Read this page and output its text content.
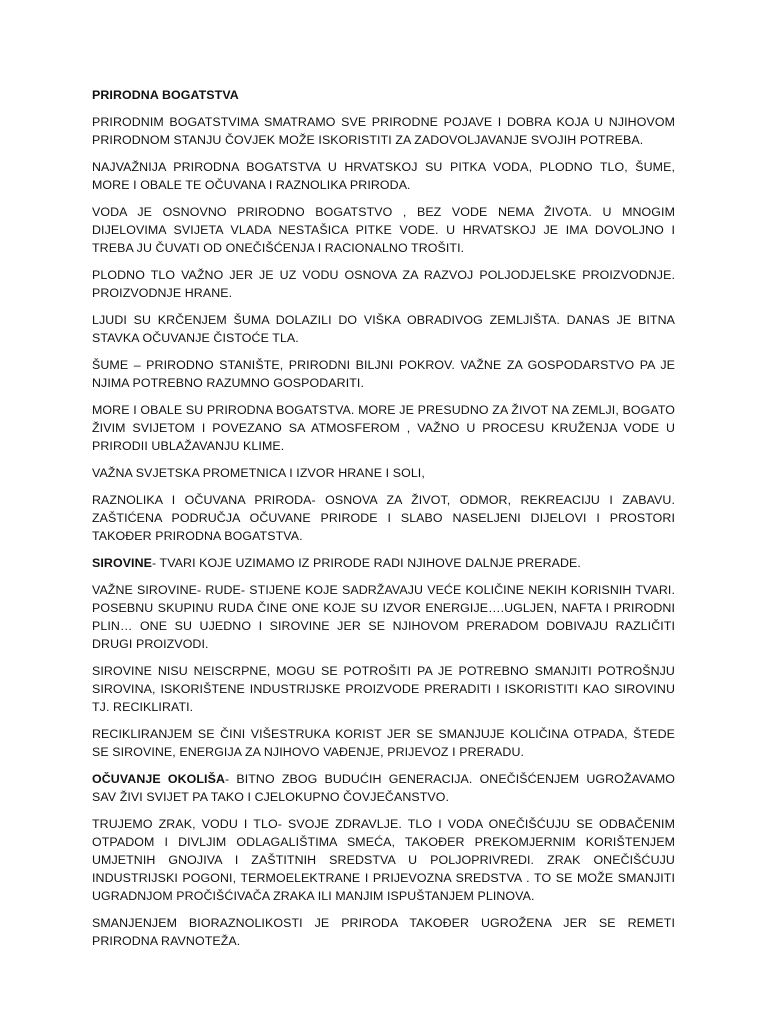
PRIRODNA BOGATSTVA

PRIRODNIM BOGATSTVIMA SMATRAMO SVE PRIRODNE POJAVE I DOBRA KOJA U NJIHOVOM PRIRODNOM STANJU ČOVJEK MOŽE ISKORISTITI ZA ZADOVOLJAVANJE SVOJIH POTREBA.

NAJVAŽNIJA PRIRODNA BOGATSTVA U HRVATSKOJ SU PITKA VODA, PLODNO TLO, ŠUME, MORE I OBALE TE OČUVANA I RAZNOLIKA PRIRODA.

VODA JE OSNOVNO PRIRODNO BOGATSTVO , BEZ VODE NEMA ŽIVOTA. U MNOGIM DIJELOVIMA SVIJETA VLADA NESTAŠICA PITKE VODE. U HRVATSKOJ JE IMA DOVOLJNO I TREBA JU ČUVATI OD ONEČIŠĆENJA I RACIONALNO TROŠITI.

PLODNO TLO VAŽNO JER JE UZ VODU OSNOVA ZA RAZVOJ POLJODJELSKE PROIZVODNJE. PROIZVODNJE HRANE.

LJUDI SU KRČENJEM ŠUMA DOLAZILI DO VIŠKA OBRADIVOG ZEMLJIŠTA. DANAS JE BITNA STAVKA OČUVANJE ČISTOĆE TLA.

ŠUME – PRIRODNO STANIŠTE, PRIRODNI BILJNI POKROV. VAŽNE ZA GOSPODARSTVO PA JE NJIMA POTREBNO RAZUMNO GOSPODARITI.

MORE I OBALE SU PRIRODNA BOGATSTVA. MORE JE PRESUDNO ZA ŽIVOT NA ZEMLJI, BOGATO ŽIVIM SVIJETOM I POVEZANO SA ATMOSFEROM , VAŽNO U PROCESU KRUŽENJA VODE U PRIRODII UBLAŽAVANJU KLIME.

VAŽNA SVJETSKA PROMETNICA I IZVOR HRANE I SOLI,

RAZNOLIKA I OČUVANA PRIRODA- OSNOVA ZA ŽIVOT, ODMOR, REKREACIJU I ZABAVU. ZAŠTIĆENA PODRUČJA OČUVANE PRIRODE I SLABO NASELJENI DIJELOVI I PROSTORI TAKOĐER PRIRODNA BOGATSTVA.

SIROVINE- TVARI KOJE UZIMAMO IZ PRIRODE RADI NJIHOVE DALNJE PRERADE.

VAŽNE SIROVINE- RUDE- STIJENE KOJE SADRŽAVAJU VEĆE KOLIČINE NEKIH KORISNIH TVARI. POSEBNU SKUPINU RUDA ČINE ONE KOJE SU IZVOR ENERGIJE….UGLJEN, NAFTA I PRIRODNI PLIN… ONE SU UJEDNO I SIROVINE JER SE NJIHOVOM PRERADOM DOBIVAJU RAZLIČITI DRUGI PROIZVODI.

SIROVINE NISU NEISCRPNE, MOGU SE POTROŠITI PA JE POTREBNO SMANJITI POTROŠNJU SIROVINA, ISKORIŠTENE INDUSTRIJSKE PROIZVODE PRERADITI I ISKORISTITI KAO SIROVINU TJ. RECIKLIRATI.

RECIKLIRANJEM SE ČINI VIŠESTRUKA KORIST JER SE SMANJUJE KOLIČINA OTPADA, ŠTEDE SE SIROVINE, ENERGIJA ZA NJIHOVO VAĐENJE, PRIJEVOZ I PRERADU.

OČUVANJE OKOLIŠA- BITNO ZBOG BUDUĆIH GENERACIJA. ONEČIŠĆENJEM UGROŽAVAMO SAV ŽIVI SVIJET PA TAKO I CJELOKUPNO ČOVJEČANSTVO.

TRUJEMO ZRAK, VODU I TLO- SVOJE ZDRAVLJE. TLO I VODA ONEČIŠĆUJU SE ODBAČENIM OTPADOM I DIVLJIM ODLAGALIŠTIMA SMEĆA, TAKOĐER PREKOMJERNIM KORIŠTENJEM UMJETNIH GNOJIVA I ZAŠTITNIH SREDSTVA U POLJOPRIVREDI. ZRAK ONEČIŠĆUJU INDUSTRIJSKI POGONI, TERMOELEKTRANE I PRIJEVOZNA SREDSTVA . TO SE MOŽE SMANJITI UGRADNJOM PROČIŠĆIVAČA ZRAKA ILI MANJIM ISPUŠTANJEM PLINOVA.

SMANJENJEM BIORAZNOLIKOSTI JE PRIRODA TAKOĐER UGROŽENA JER SE REMETI PRIRODNA RAVNOTEŽA.
